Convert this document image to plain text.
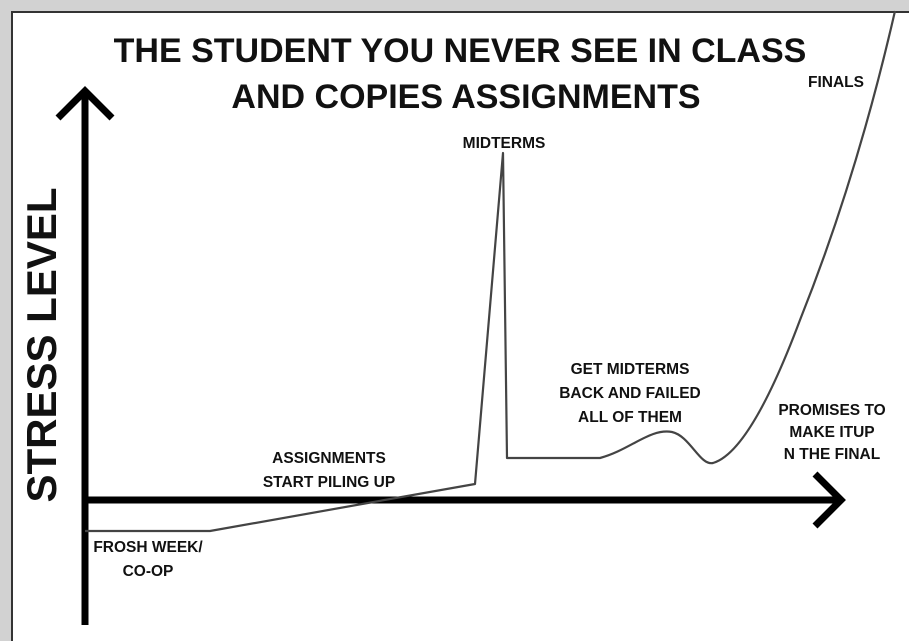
THE STUDENT YOU NEVER SEE IN CLASS
AND COPIES ASSIGNMENTS
STRESS LEVEL
FROSH WEEK/ CO-OP
ASSIGNMENTS START PILING UP
MIDTERMS
GET MIDTERMS BACK AND FAILED ALL OF THEM	PROMISES TO MAKE ITUP N THE FINAL
FINALS
